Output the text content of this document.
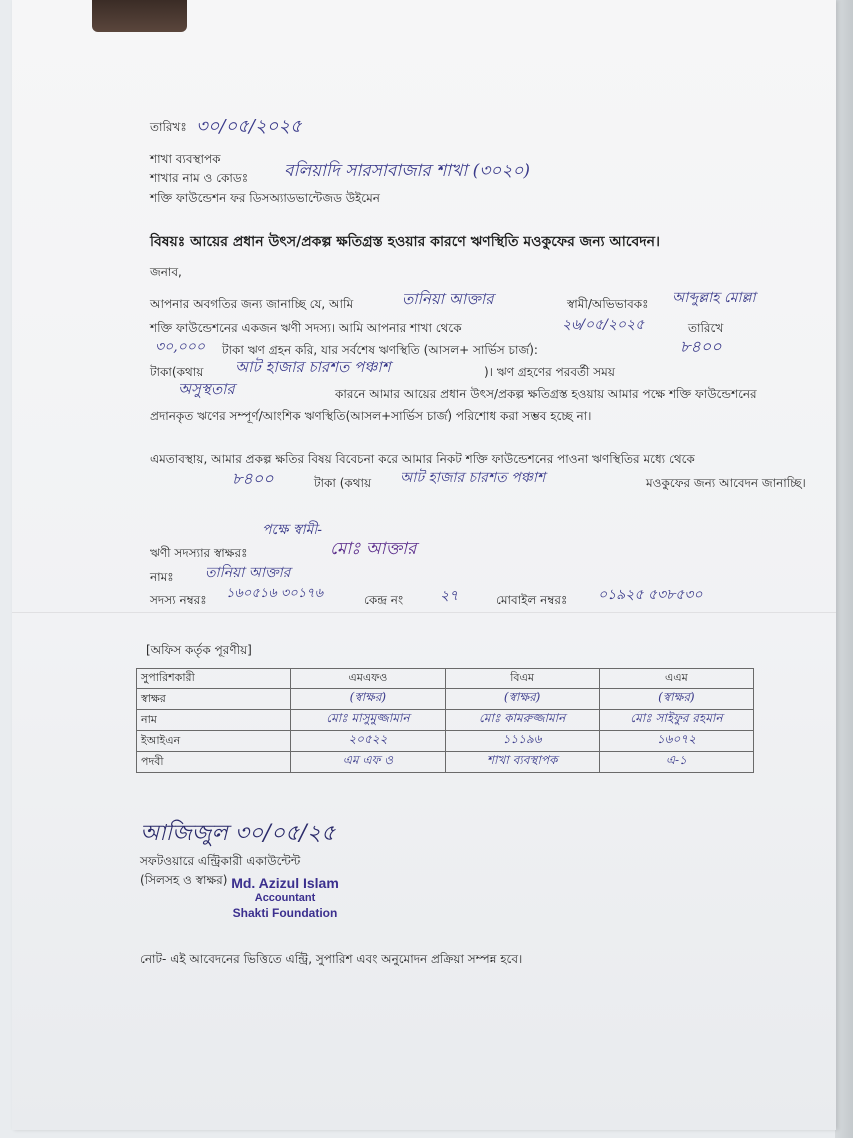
তারিখঃ ৩০/০৫/২০২৫
শাখা ব্যবস্থাপক
শাখার নাম ও কোডঃ বলিয়াদি সারসাবাজার শাখা (৩০২০)
শক্তি ফাউন্ডেশন ফর ডিসঅ্যাডভান্টেজড উইমেন
বিষয়ঃ আয়ের প্রধান উৎস/প্রকল্প ক্ষতিগ্রস্ত হওয়ার কারণে ঋণস্থিতি মওকুফের জন্য আবেদন।
জনাব,
আপনার অবগতির জন্য জানাচ্ছি যে, আমি	তানিয়া আক্তার	স্বামী/অভিভাবকঃ আব্দুল্লাহ মোল্লা
শক্তি ফাউন্ডেশনের একজন ঋণী সদস্য। আমি আপনার শাখা থেকে	২৬/০৫/২০২৫	তারিখে
৩০,০০০ টাকা ঋণ গ্রহন করি, যার সর্বশেষ ঋণস্থিতি (আসল+ সার্ভিস চার্জ):	৮৪০০
টাকা(কথায় আট হাজার চারশত পঞ্চাশ	)। ঋণ গ্রহণের পরবর্তী সময়
অসুস্থতার	কারনে আমার আয়ের প্রধান উৎস/প্রকল্প ক্ষতিগ্রস্ত হওয়ায় আমার পক্ষে শক্তি ফাউন্ডেশনের প্রদানকৃত ঋণের সম্পূর্ণ/আংশিক ঋণস্থিতি(আসল+সার্ভিস চার্জ) পরিশোধ করা সম্ভব হচ্ছে না।
এমতাবস্থায়, আমার প্রকল্প ক্ষতির বিষয় বিবেচনা করে আমার নিকট শক্তি ফাউন্ডেশনের পাওনা ঋণস্থিতির মধ্যে থেকে
৮৪০০	টাকা (কথায় আট হাজার চারশত পঞ্চাশ	মওকুফের জন্য আবেদন জানাচ্ছি।
পক্ষে স্বামী-
ঋণী সদস্যার স্বাক্ষরঃ	মোঃ আক্তার
নামঃ তানিয়া আক্তার
সদস্য নম্বরঃ ১৬০৫১৬ ৩০১৭৬	কেন্দ্র নং	২৭	মোবাইল নম্বরঃ ০১৯২৫ ৫৩৮৫৩০
[অফিস কর্তৃক পূরণীয়]
সুপারিশকারী	এমএফও	বিএম	এএম
স্বাক্ষর	(স্বাক্ষর)	(স্বাক্ষর)	(স্বাক্ষর)
নাম	মোঃ মাসুমুজ্জামান	মোঃ কামরুজ্জামান	মোঃ সাইফুর রহমান
ইআইএন	২০৫২২	১১১৯৬	১৬০৭২
পদবী	এম এফ ও	শাখা ব্যবস্থাপক	এ-১
আজিজুল ৩০/০৫/২৫
সফটওয়ারে এন্ট্রিকারী একাউন্টেন্ট
(সিলসহ ও স্বাক্ষর) Md. Azizul Islam
Accountant
Shakti Foundation
নোট- এই আবেদনের ভিত্তিতে এন্ট্রি, সুপারিশ এবং অনুমোদন প্রক্রিয়া সম্পন্ন হবে।
